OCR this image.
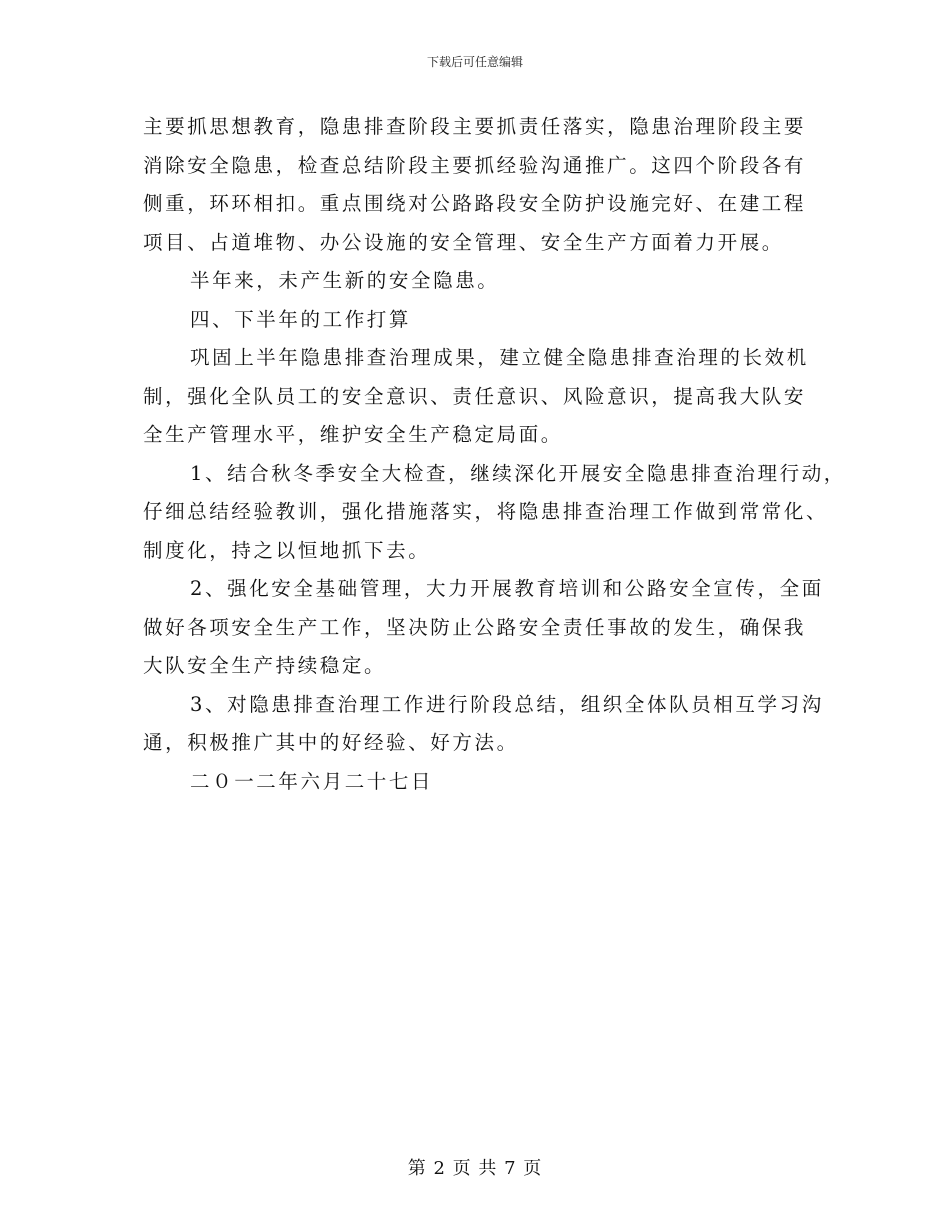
下载后可任意编辑
主要抓思想教育，隐患排查阶段主要抓责任落实，隐患治理阶段主要
消除安全隐患，检查总结阶段主要抓经验沟通推广。这四个阶段各有
侧重，环环相扣。重点围绕对公路路段安全防护设施完好、在建工程
项目、占道堆物、办公设施的安全管理、安全生产方面着力开展。
半年来，未产生新的安全隐患。
四、下半年的工作打算
巩固上半年隐患排查治理成果，建立健全隐患排查治理的长效机
制，强化全队员工的安全意识、责任意识、风险意识，提高我大队安
全生产管理水平，维护安全生产稳定局面。
1、结合秋冬季安全大检查，继续深化开展安全隐患排查治理行动，
仔细总结经验教训，强化措施落实，将隐患排查治理工作做到常常化、
制度化，持之以恒地抓下去。
2、强化安全基础管理，大力开展教育培训和公路安全宣传，全面
做好各项安全生产工作，坚决防止公路安全责任事故的发生，确保我
大队安全生产持续稳定。
3、对隐患排查治理工作进行阶段总结，组织全体队员相互学习沟
通，积极推广其中的好经验、好方法。
二０一二年六月二十七日
第 2 页 共 7 页
